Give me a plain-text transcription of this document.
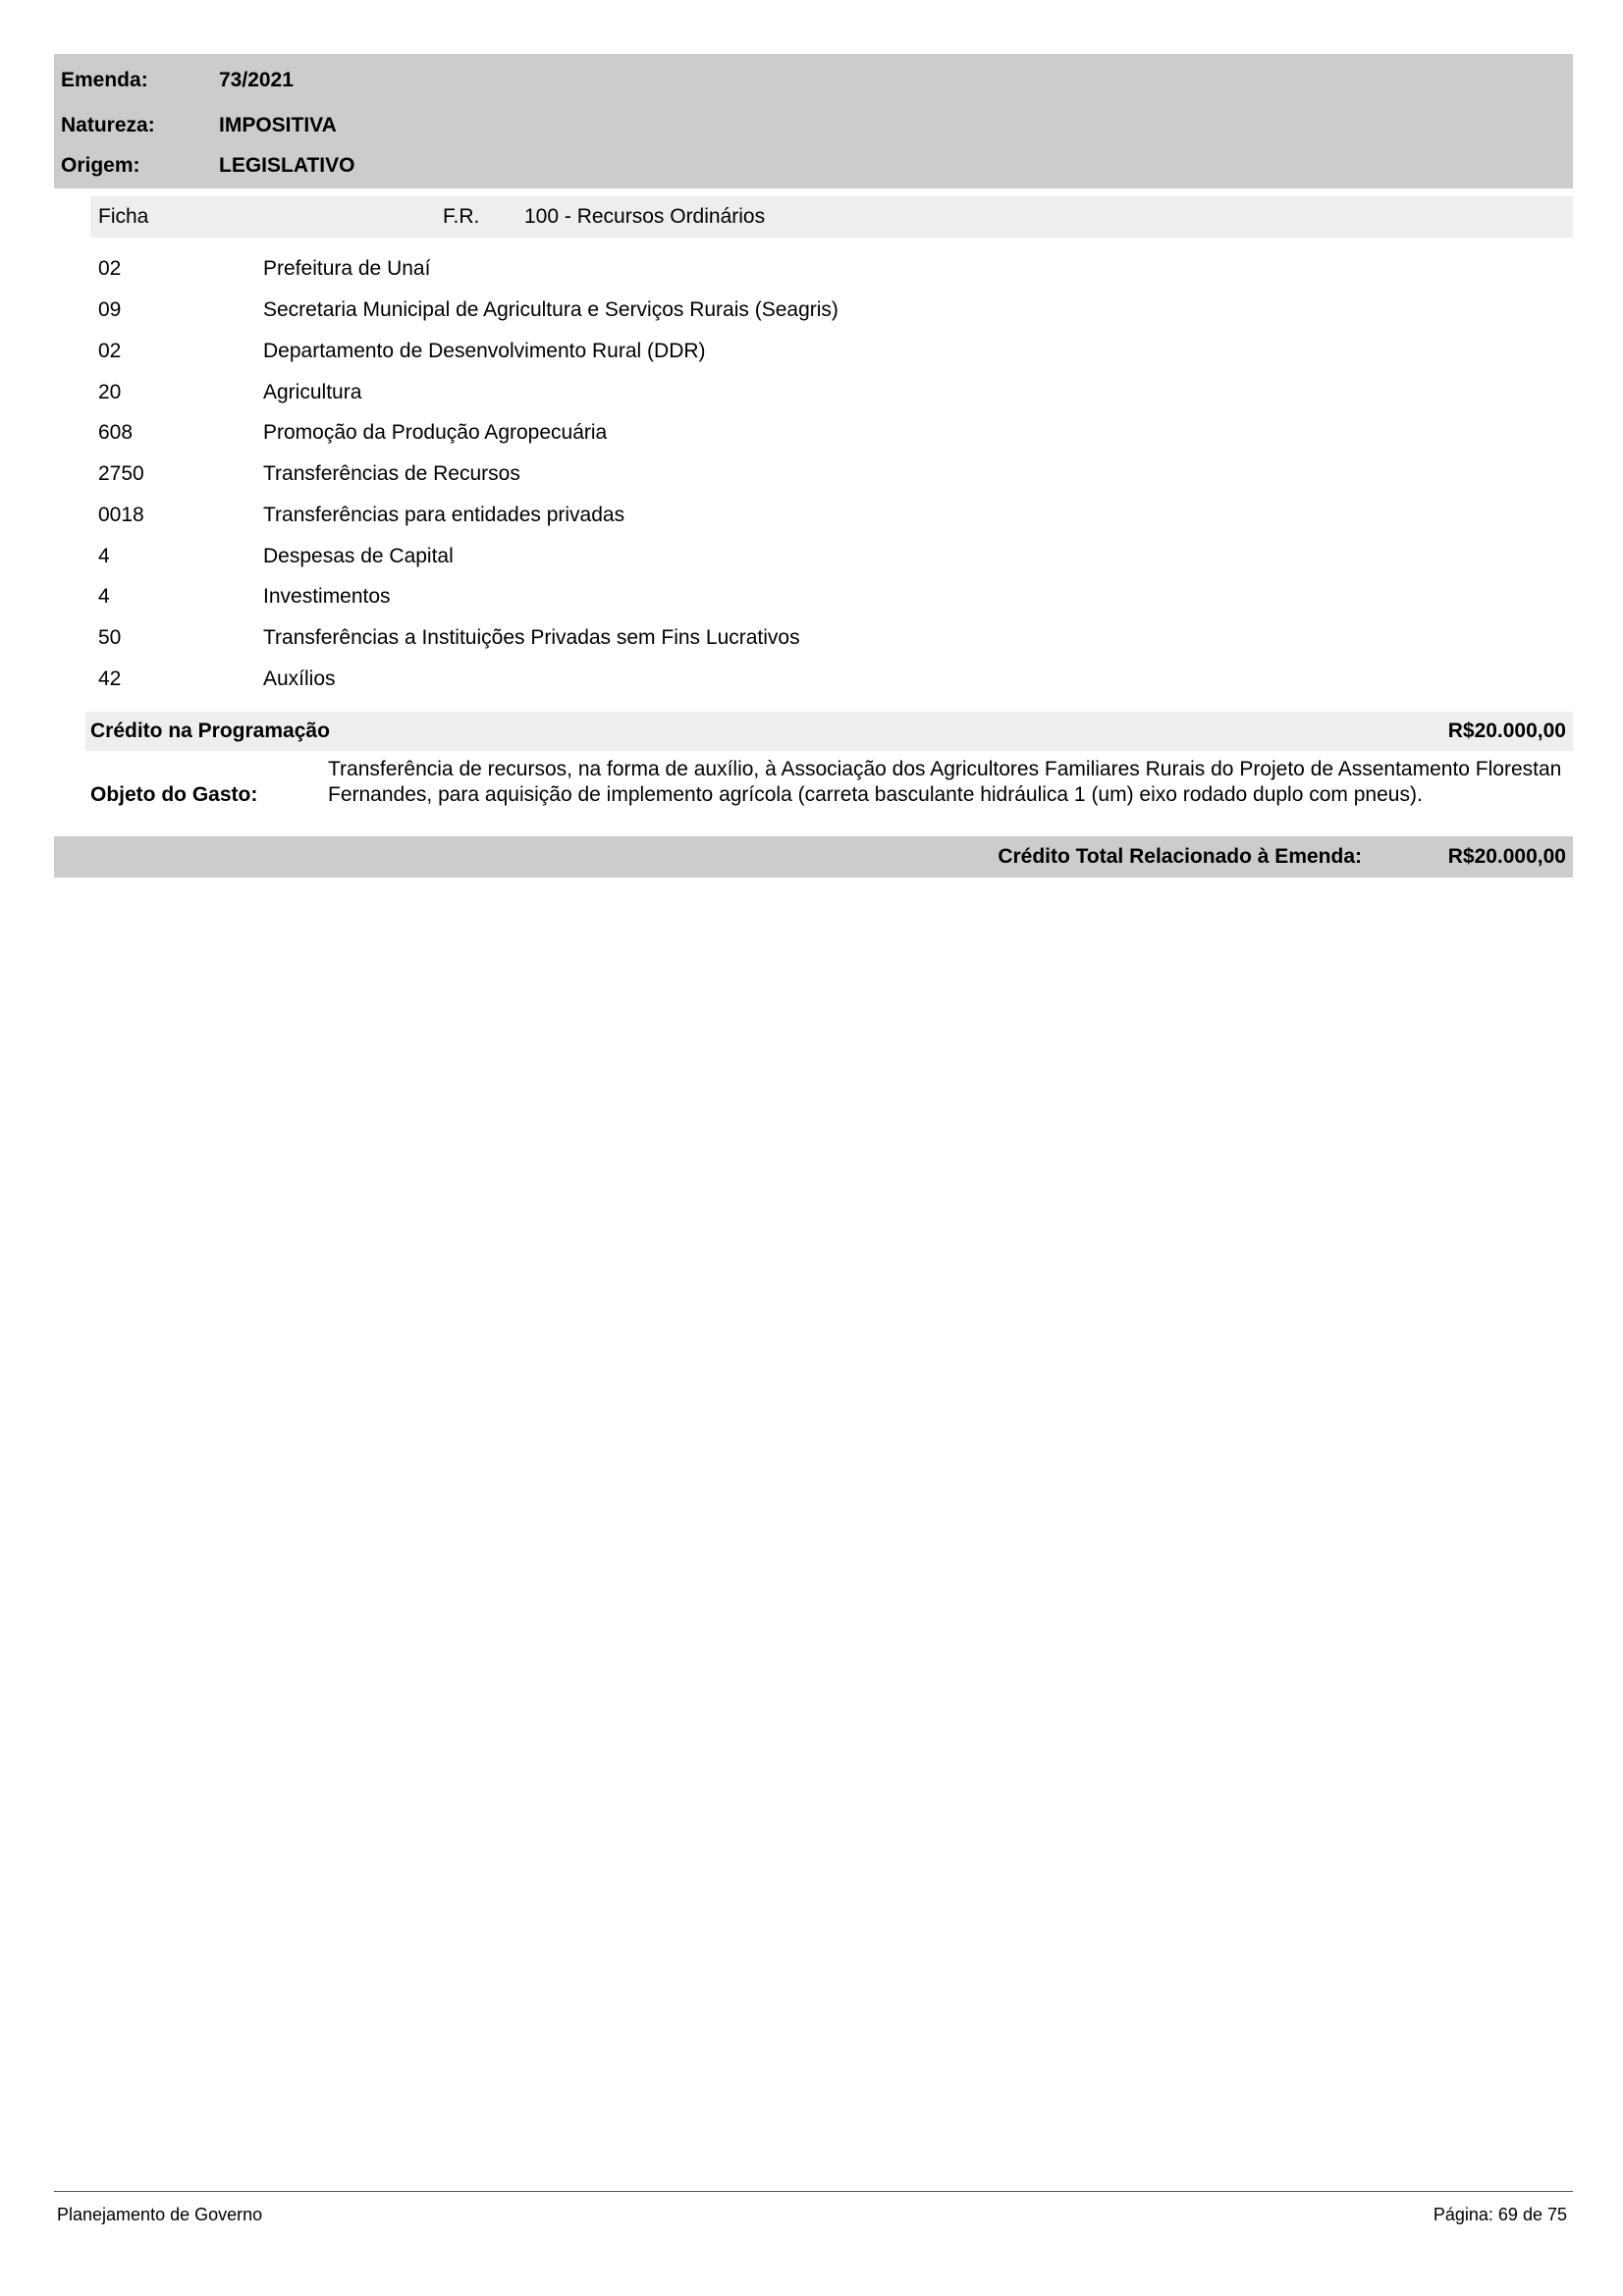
Emenda:	73/2021
Natureza:	IMPOSITIVA
Origem:	LEGISLATIVO
Ficha	F.R. 100 - Recursos Ordinários
02	Prefeitura de Unaí
09	Secretaria Municipal de Agricultura e Serviços Rurais (Seagris)
02	Departamento de Desenvolvimento Rural (DDR)
20	Agricultura
608	Promoção da Produção Agropecuária
2750	Transferências de Recursos
0018	Transferências para entidades privadas
4	Despesas de Capital
4	Investimentos
50	Transferências a Instituições Privadas sem Fins Lucrativos
42	Auxílios
Crédito na Programação	R$20.000,00
Objeto do Gasto:
Transferência de recursos, na forma de auxílio, à Associação dos Agricultores Familiares Rurais do Projeto de Assentamento Florestan Fernandes, para aquisição de implemento agrícola (carreta basculante hidráulica 1 (um) eixo rodado duplo com pneus).
Crédito Total Relacionado à Emenda:	R$20.000,00
Planejamento de Governo	Página: 69 de 75
